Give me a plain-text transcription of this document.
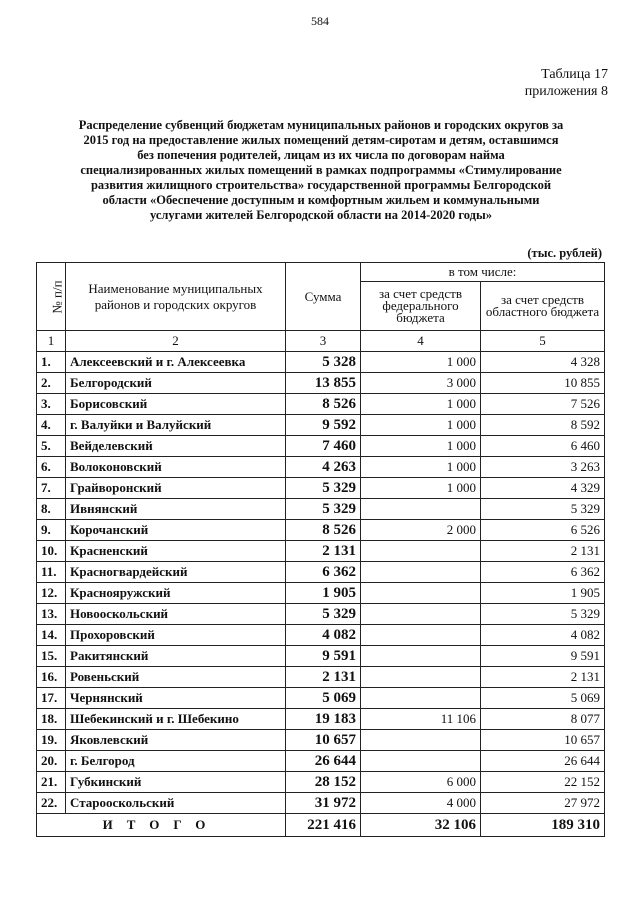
584
Таблица 17
приложения 8
Распределение субвенций бюджетам муниципальных районов и городских округов за
2015 год на предоставление жилых помещений детям-сиротам и детям, оставшимся
без попечения родителей, лицам из их числа по договорам найма
специализированных жилых помещений в рамках подпрограммы «Стимулирование
развития жилищного строительства» государственной программы Белгородской
области «Обеспечение доступным и комфортным жильем и коммунальными
услугами жителей Белгородской области на 2014-2020 годы»
(тыс. рублей)
№ п/п	Наименование муниципальных районов и городских округов	Сумма	в том числе:	
			за счет средств федерального бюджета	за счет средств областного бюджета
1	2	3	4	5
1.	Алексеевский и г. Алексеевка	5 328	1 000	4 328
2.	Белгородский	13 855	3 000	10 855
3.	Борисовский	8 526	1 000	7 526
4.	г. Валуйки и Валуйский	9 592	1 000	8 592
5.	Вейделевский	7 460	1 000	6 460
6.	Волоконовский	4 263	1 000	3 263
7.	Грайворонский	5 329	1 000	4 329
8.	Ивнянский	5 329		5 329
9.	Корочанский	8 526	2 000	6 526
10.	Красненский	2 131		2 131
11.	Красногвардейский	6 362		6 362
12.	Краснояружский	1 905		1 905
13.	Новооскольский	5 329		5 329
14.	Прохоровский	4 082		4 082
15.	Ракитянский	9 591		9 591
16.	Ровеньский	2 131		2 131
17.	Чернянский	5 069		5 069
18.	Шебекинский и г. Шебекино	19 183	11 106	8 077
19.	Яковлевский	10 657		10 657
20.	г. Белгород	26 644		26 644
21.	Губкинский	28 152	6 000	22 152
22.	Старооскольский	31 972	4 000	27 972
ИТОГО		221 416	32 106	189 310
